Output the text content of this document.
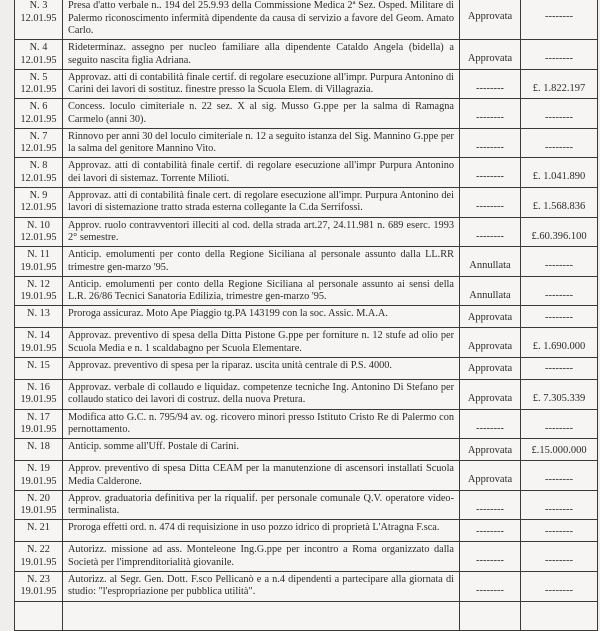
N. 3
12.01.95	Presa d'atto verbale n.. 194 del 25.9.93 della Commissione Medica 2ª Sez. Osped. Militare di Palermo riconoscimento infermità dipendente da causa di servizio a favore del Geom. Amato Carlo.	Approvata	--------

N. 4
12.01.95	Rideterminaz. assegno per nucleo familiare alla dipendente Cataldo Angela (bidella) a seguito nascita figlia Adriana.	Approvata	--------

N. 5
12.01.95	Approvaz. atti di contabilità finale certif. di regolare esecuzione all'impr. Purpura Antonino di Carini dei lavori di sostituz. finestre presso la Scuola Elem. di Villagrazia.	--------	£. 1.822.197

N. 6
12.01.95	Concess. loculo cimiteriale n. 22 sez. X al sig. Musso G.ppe per la salma di Ramagna Carmelo (anni 30).	--------	--------

N. 7
12.01.95	Rinnovo per anni 30 del loculo cimiteriale n. 12 a seguito istanza del Sig. Mannino G.ppe per la salma del genitore Mannino Vito.	--------	--------

N. 8
12.01.95	Approvaz. atti di contabilità finale certif. di regolare esecuzione all'impr Purpura Antonino dei lavori di sistemaz. Torrente Milioti.	--------	£. 1.041.890

N. 9
12.01.95	Approvaz. atti di contabilità finale cert. di regolare esecuzione all'impr. Purpura Antonino dei lavori di sistemazione tratto strada esterna collegante la C.da Serrifossi.	--------	£. 1.568.836

N. 10
12.01.95	Approv. ruolo contravventori illeciti al cod. della strada art.27, 24.11.981 n. 689 eserc. 1993 2° semestre.	--------	£.60.396.100

N. 11
19.01.95	Anticip. emolumenti per conto della Regione Siciliana al personale assunto dalla LL.RR trimestre gen-marzo '95.	Annullata	--------

N. 12
19.01.95	Anticip. emolumenti per conto della Regione Siciliana al personale assunto ai sensi della L.R. 26/86 Tecnici Sanatoria Edilizia, trimestre gen-marzo '95.	Annullata	--------

N. 13	Proroga assicuraz. Moto Ape Piaggio tg.PA 143199 con la soc. Assic. M.A.A.	Approvata	--------

N. 14
19.01.95	Approvaz. preventivo di spesa della Ditta Pistone G.ppe per forniture n. 12 stufe ad olio per Scuola Media e n. 1 scaldabagno per Scuola Elementare.	Approvata	£. 1.690.000

N. 15	Approvaz. preventivo di spesa per la riparaz. uscita unità centrale di P.S. 4000.	Approvata	--------

N. 16
19.01.95	Approvaz. verbale di collaudo e liquidaz. competenze tecniche Ing. Antonino Di Stefano per collaudo statico dei lavori di costruz. della nuova Pretura.	Approvata	£. 7.305.339

N. 17
19.01.95	Modifica atto G.C. n. 795/94 av. og. ricovero minori presso Istituto Cristo Re di Palermo con pernottamento.	--------	--------

N. 18	Anticip. somme all'Uff. Postale di Carini.	Approvata	£.15.000.000

N. 19
19.01.95	Approv. preventivo di spesa Ditta CEAM per la manutenzione di ascensori installati Scuola Media Calderone.	Approvata	--------

N. 20
19.01.95	Approv. graduatoria definitiva per la riqualif. per personale comunale Q.V. operatore video-terminalista.	--------	--------

N. 21	Proroga effetti ord. n. 474 di requisizione in uso pozzo idrico di proprietà L'Atragna F.sca.	--------	--------

N. 22
19.01.95	Autorizz. missione ad ass. Monteleone Ing.G.ppe per incontro a Roma organizzato dalla Società per l'imprenditorialità giovanile.	--------	--------

N. 23
19.01.95	Autorizz. al Segr. Gen. Dott. F.sco Pellicanò e a n.4 dipendenti a partecipare alla giornata di studio: "l'espropriazione per pubblica utilità".	--------	--------
